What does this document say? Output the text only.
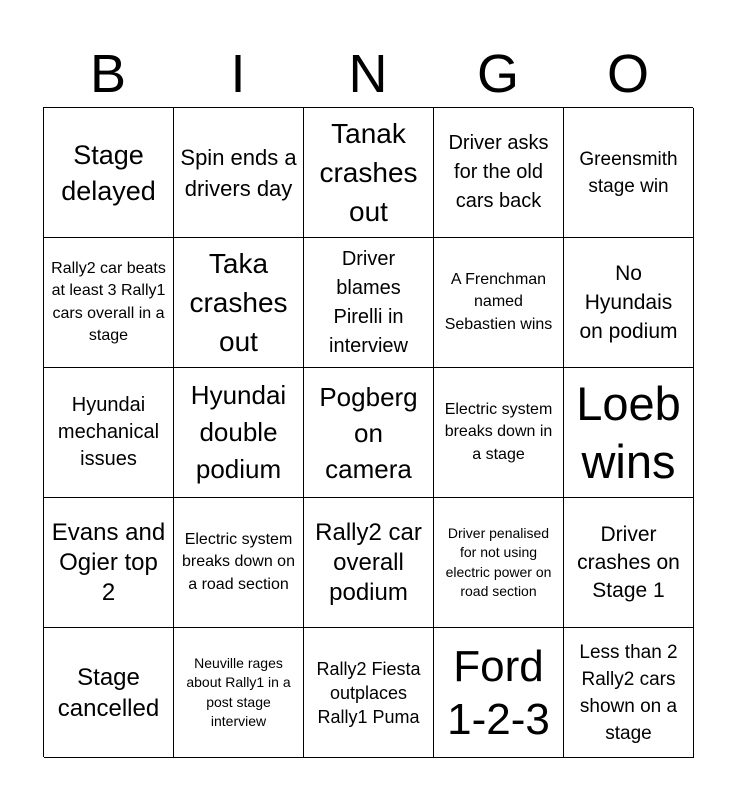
B	I	N	G	O
Stage delayed
Spin ends a drivers day
Tanak crashes out
Driver asks for the old cars back
Greensmith stage win
Rally2 car beats at least 3 Rally1 cars overall in a stage
Taka crashes out
Driver blames Pirelli in interview
A Frenchman named Sebastien wins
No Hyundais on podium
Hyundai mechanical issues
Hyundai double podium
Pogberg on camera
Electric system breaks down in a stage
Loeb wins
Evans and Ogier top 2
Electric system breaks down on a road section
Rally2 car overall podium
Driver penalised for not using electric power on road section
Driver crashes on Stage 1
Stage cancelled
Neuville rages about Rally1 in a post stage interview
Rally2 Fiesta outplaces Rally1 Puma
Ford 1-2-3
Less than 2 Rally2 cars shown on a stage
